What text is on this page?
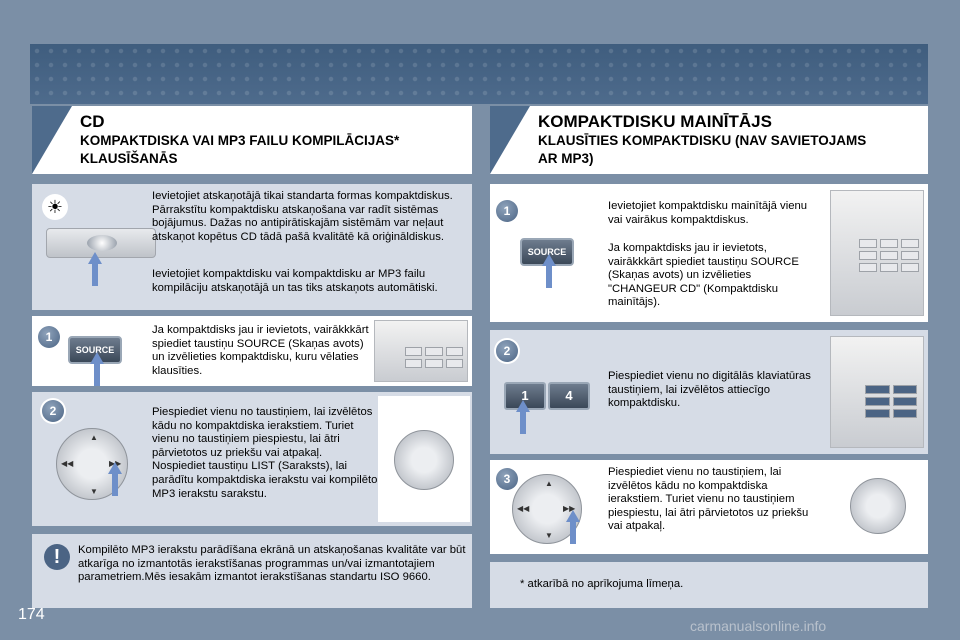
CD
KOMPAKTDISKA VAI MP3 FAILU KOMPILĀCIJAS*
KLAUSĪŠANĀS
KOMPAKTDISKU MAINĪTĀJS
KLAUSĪTIES KOMPAKTDISKU (NAV SAVIETOJAMS
AR MP3)
☀
Ievietojiet atskaņotājā tikai standarta formas kompaktdiskus. Pārrakstītu kompaktdisku atskaņošana var radīt sistēmas bojājumus. Dažas no antipirātiskajām sistēmām var neļaut atskaņot kopētus CD tādā pašā kvalitātē kā oriģināldiskus.
Ievietojiet kompaktdisku vai kompaktdisku ar MP3 failu kompilāciju atskaņotājā un tas tiks atskaņots automātiski.
1
SOURCE
Ja kompaktdisks jau ir ievietots, vairākkkārt spiediet taustiņu SOURCE (Skaņas avots) un izvēlieties kompaktdisku, kuru vēlaties klausīties.
2
▲
▼
◀◀	▶▶
Piespiediet vienu no taustiņiem, lai izvēlētos kādu no kompaktdiska ierakstiem. Turiet vienu no taustiņiem piespiestu, lai ātri pārvietotos uz priekšu vai atpakaļ. Nospiediet taustiņu LIST (Saraksts), lai parādītu kompaktdiska ierakstu vai kompilēto MP3 ierakstu sarakstu.
!	Kompilēto MP3 ierakstu parādīšana ekrānā un atskaņošanas kvalitāte var būt atkarīga no izmantotās ierakstīšanas programmas un/vai izmantotajiem parametriem.Mēs iesakām izmantot ierakstīšanas standartu ISO 9660.
1
SOURCE
Ievietojiet kompaktdisku mainītājā vienu vai vairākus kompaktdiskus.
Ja kompaktdisks jau ir ievietots, vairākkkārt spiediet taustiņu SOURCE (Skaņas avots) un izvēlieties "CHANGEUR CD" (Kompaktdisku mainītājs).
2
1	4
Piespiediet vienu no digitālās klaviatūras taustiņiem, lai izvēlētos attiecīgo kompaktdisku.
3	▲
▼
◀◀	▶▶
Piespiediet vienu no taustiņiem, lai izvēlētos kādu no kompaktdiska ierakstiem. Turiet vienu no taustiņiem piespiestu, lai ātri pārvietotos uz priekšu vai atpakaļ.
* atkarībā no aprīkojuma līmeņa.
174
carmanualsonline.info
